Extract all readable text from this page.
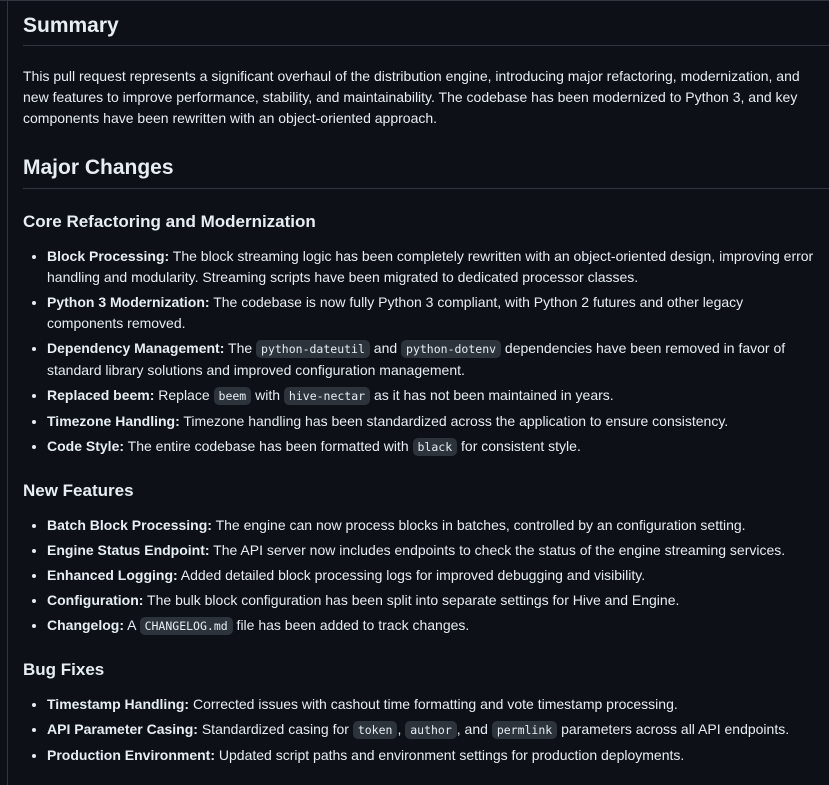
Summary

This pull request represents a significant overhaul of the distribution engine, introducing major refactoring, modernization, and new features to improve performance, stability, and maintainability. The codebase has been modernized to Python 3, and key components have been rewritten with an object-oriented approach.

Major Changes
Core Refactoring and Modernization
• Block Processing: The block streaming logic has been completely rewritten with an object-oriented design, improving error handling and modularity. Streaming scripts have been migrated to dedicated processor classes.
• Python 3 Modernization: The codebase is now fully Python 3 compliant, with Python 2 futures and other legacy components removed.
• Dependency Management: The python-dateutil and python-dotenv dependencies have been removed in favor of standard library solutions and improved configuration management.
• Replaced beem: Replace beem with hive-nectar as it has not been maintained in years.
• Timezone Handling: Timezone handling has been standardized across the application to ensure consistency.
• Code Style: The entire codebase has been formatted with black for consistent style.
New Features
• Batch Block Processing: The engine can now process blocks in batches, controlled by an configuration setting.
• Engine Status Endpoint: The API server now includes endpoints to check the status of the engine streaming services.
• Enhanced Logging: Added detailed block processing logs for improved debugging and visibility.
• Configuration: The bulk block configuration has been split into separate settings for Hive and Engine.
• Changelog: A CHANGELOG.md file has been added to track changes.
Bug Fixes
• Timestamp Handling: Corrected issues with cashout time formatting and vote timestamp processing.
• API Parameter Casing: Standardized casing for token , author , and permlink parameters across all API endpoints.
• Production Environment: Updated script paths and environment settings for production deployments.
